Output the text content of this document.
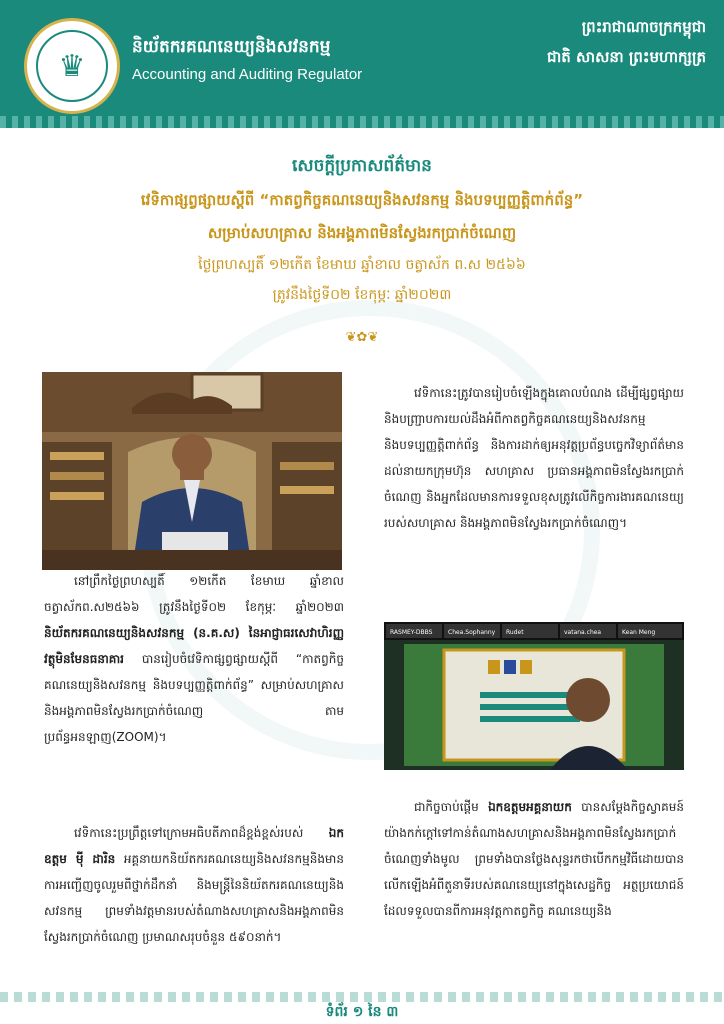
♛
និយ័តករគណនេយ្យនិងសវនកម្ម
Accounting and Auditing Regulator
ព្រះរាជាណាចក្រកម្ពុជា
ជាតិ សាសនា ព្រះមហាក្សត្រ
សេចក្ដីប្រកាសព័ត៌មាន
វេទិកាផ្សព្វផ្សាយស្ដីពី “កាតព្វកិច្ចគណនេយ្យនិងសវនកម្ម និងបទប្បញ្ញត្តិពាក់ព័ន្ធ”
សម្រាប់សហគ្រាស និងអង្គភាពមិនស្វែងរកប្រាក់ចំណេញ
ថ្ងៃព្រហស្បតិ៍ ១២កើត ខែមាឃ ឆ្នាំខាល ចត្វាស័ក ព.ស ២៥៦៦
ត្រូវនឹងថ្ងៃទី០២ ខែកុម្ភៈ ឆ្នាំ២០២៣
❦✿❦
វេទិកានេះត្រូវបានរៀបចំឡើងក្នុងគោលបំណង ដើម្បីផ្សព្វផ្សាយ និងបញ្ជ្រាបការយល់ដឹងអំពីកាតព្វកិច្ចគណនេយ្យនិងសវនកម្ម និងបទប្បញ្ញត្តិពាក់ព័ន្ធ និងការដាក់ឲ្យអនុវត្តប្រព័ន្ធបច្ចេកវិទ្យាព័ត៌មាន ដល់នាយកក្រុមហ៊ុន សហគ្រាស ប្រធានអង្គភាពមិនស្វែងរកប្រាក់ចំណេញ និងអ្នកដែលមានការទទួលខុសត្រូវលើកិច្ចការងារគណនេយ្យរបស់សហគ្រាស និងអង្គភាពមិនស្វែងរកប្រាក់ចំណេញ។
នៅព្រឹកថ្ងៃព្រហស្បតិ៍ ១២កើត ខែមាឃ ឆ្នាំខាល ចត្វាស័កព.ស២៥៦៦ ត្រូវនឹងថ្ងៃទី០២ ខែកុម្ភៈ ឆ្នាំ២០២៣ និយ័តករគណនេយ្យនិងសវនកម្ម (ន.គ.ស) នៃអាជ្ញាធរសេវាហិរញ្ញវត្ថុមិនមែនធនាគារ បានរៀបចំវេទិកាផ្សព្វផ្សាយស្ដីពី “កាតព្វកិច្ចគណនេយ្យនិងសវនកម្ម និងបទប្បញ្ញត្តិពាក់ព័ន្ធ” សម្រាប់សហគ្រាសនិងអង្គភាពមិនស្វែងរកប្រាក់ចំណេញ តាមប្រព័ន្ធអនឡាញ(ZOOM)។
RASMEY-DBBS	Chea.Sophanny Rudet	vatana.chea	Kean Meng
វេទិកានេះប្រព្រឹត្តទៅក្រោមអធិបតីភាពដ៏ខ្ពង់ខ្ពស់របស់ ឯកឧត្តម ម៉ី ដារិន អគ្គនាយកនិយ័តករគណនេយ្យនិងសវនកម្មនិងមានការអញ្ជើញចូលរួមពីថ្នាក់ដឹកនាំ និងមន្ត្រីនៃនិយ័តករគណនេយ្យនិងសវនកម្ម ព្រមទាំងវត្តមានរបស់តំណាងសហគ្រាសនិងអង្គភាពមិនស្វែងរកប្រាក់ចំណេញ ប្រមាណសរុបចំនួន ៥៩០នាក់។
ជាកិច្ចចាប់ផ្ដើម ឯកឧត្តមអគ្គនាយក បានសម្ដែងកិច្ចស្វាគមន៍យ៉ាងកក់ក្ដៅទៅកាន់តំណាងសហគ្រាសនិងអង្គភាពមិនស្វែងរកប្រាក់ចំណេញទាំងមូល ព្រមទាំងបានថ្លែងសុន្ទរកថាបើកកម្មវិធីដោយបានលើកឡើងអំពីតួនាទីរបស់គណនេយ្យនៅក្នុងសេដ្ឋកិច្ច អត្ថប្រយោជន៍ដែលទទួលបានពីការអនុវត្តកាតព្វកិច្ច គណនេយ្យនិង
ទំព័រ ១ នៃ ៣
